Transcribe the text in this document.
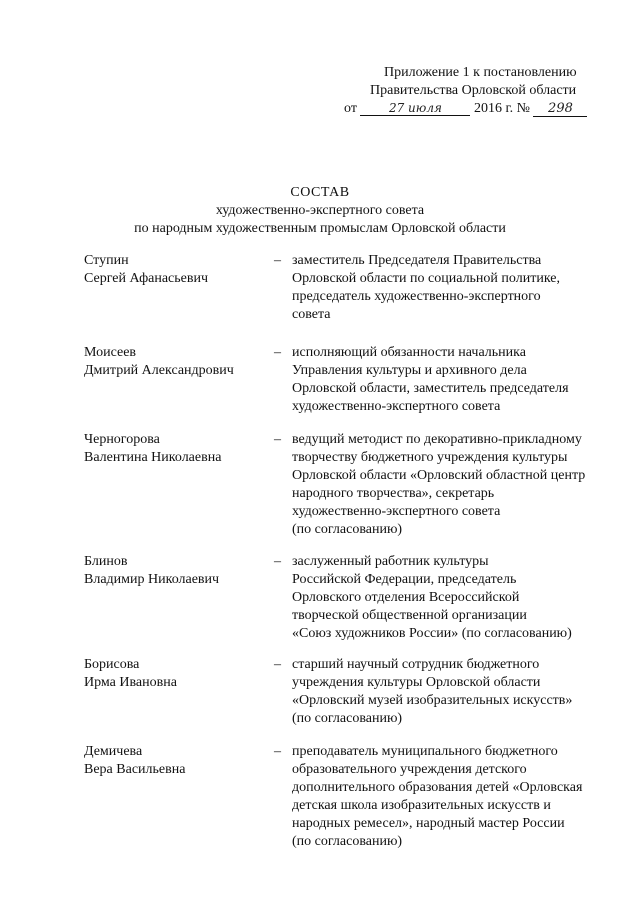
Приложение 1 к постановлению
Правительства Орловской области
от	27 июля 2016 г. № 298
СОСТАВ
художественно-экспертного совета
по народным художественным промыслам Орловской области
Ступин
Сергей Афанасьевич
– заместитель Председателя Правительства
Орловской области по социальной политике,
председатель художественно-экспертного
совета
Моисеев
Дмитрий Александрович
– исполняющий обязанности начальника
Управления культуры и архивного дела
Орловской области, заместитель председателя
художественно-экспертного совета
Черногорова
Валентина Николаевна
– ведущий методист по декоративно-прикладному
творчеству бюджетного учреждения культуры
Орловской области «Орловский областной центр
народного творчества», секретарь
художественно-экспертного совета
(по согласованию)
Блинов
Владимир Николаевич
– заслуженный работник культуры
Российской Федерации, председатель
Орловского отделения Всероссийской
творческой общественной организации
«Союз художников России» (по согласованию)
Борисова
Ирма Ивановна
– старший научный сотрудник бюджетного
учреждения культуры Орловской области
«Орловский музей изобразительных искусств»
(по согласованию)
Демичева
Вера Васильевна
– преподаватель муниципального бюджетного
образовательного учреждения детского
дополнительного образования детей «Орловская
детская школа изобразительных искусств и
народных ремесел», народный мастер России
(по согласованию)
